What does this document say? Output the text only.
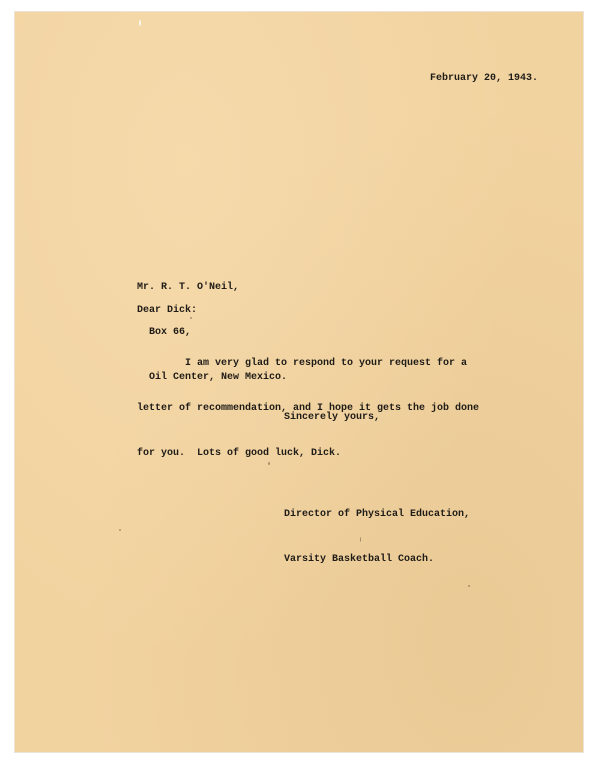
February 20, 1943.

Mr. R. T. O'Neil,

Box 66,

Oil Center, New Mexico.

Dear Dick:

I am very glad to respond to your request for a

letter of recommendation, and I hope it gets the job done

for you.  Lots of good luck, Dick.

Sincerely yours,

Director of Physical Education,

Varsity Basketball Coach.
